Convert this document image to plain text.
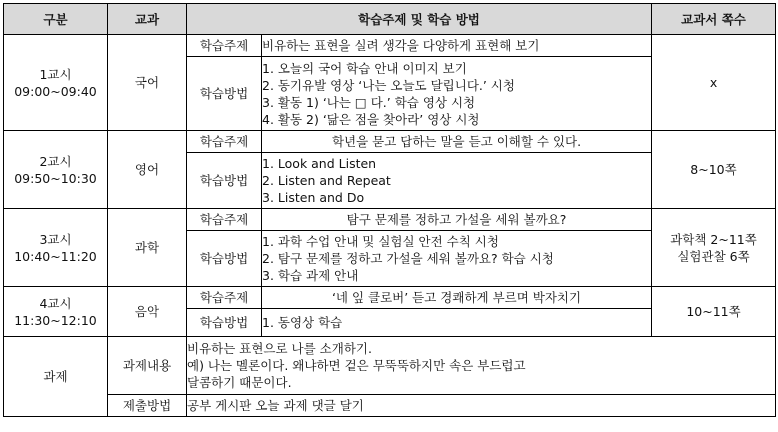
구분	교과	학습주제 및 학습 방법		교과서 쪽수

1교시
09:00~09:40	국어	학습주제	비유하는 표현을 실려 생각을 다양하게 표현해 보기	x

		학습방법	1. 오늘의 국어 학습 안내 이미지 보기
2. 동기유발 영상 ‘나는 오늘도 달립니다.’ 시청
3. 활동 1) ‘나는 □ 다.’ 학습 영상 시청
4. 활동 2) ‘닮은 점을 찾아라’ 영상 시청	

2교시
09:50~10:30	영어	학습주제	학년을 묻고 답하는 말을 듣고 이해할 수 있다.	8~10쪽

		학습방법	1. Look and Listen
2. Listen and Repeat
3. Listen and Do	

3교시
10:40~11:20	과학	학습주제	탐구 문제를 정하고 가설을 세워 볼까요?	과학책 2~11쪽
실험관찰 6쪽

		학습방법	1. 과학 수업 안내 및 실험실 안전 수칙 시청
2. 탐구 문제를 정하고 가설을 세워 볼까요? 학습 시청
3. 학습 과제 안내	

4교시
11:30~12:10	음악	학습주제	‘네 잎 클로버’ 듣고 경쾌하게 부르며 박자치기	10~11쪽

		학습방법	1. 동영상 학습	

과제	과제내용	비유하는 표현으로 나를 소개하기.
예) 나는 멜론이다. 왜냐하면 겉은 무뚝뚝하지만 속은 부드럽고
달콤하기 때문이다.		

	제출방법	공부 게시판 오늘 과제 댓글 달기		
